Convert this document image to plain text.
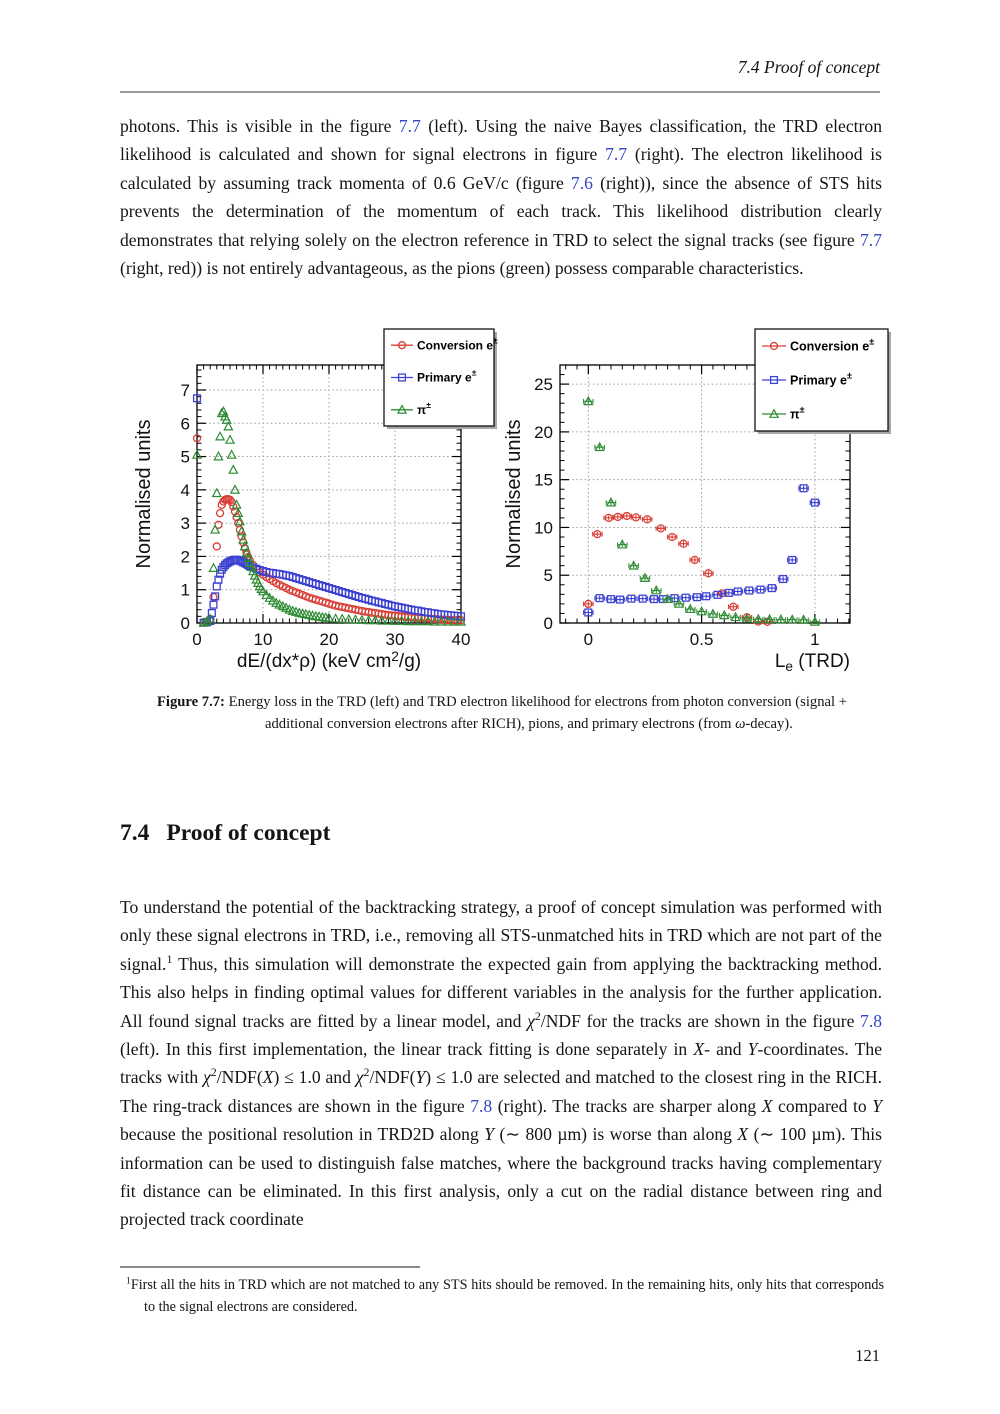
7.4 Proof of concept

photons. This is visible in the figure 7.7 (left). Using the naive Bayes classification, the TRD electron likelihood is calculated and shown for signal electrons in figure 7.7 (right). The electron likelihood is calculated by assuming track momenta of 0.6 GeV/c (figure 7.6 (right)), since the absence of STS hits prevents the determination of the momentum of each track. This likelihood distribution clearly demonstrates that relying solely on the electron reference in TRD to select the signal tracks (see figure 7.7 (right, red)) is not entirely advantageous, as the pions (green) possess comparable characteristics.

0	10	20	30	40
0
1
2
3
4
5
6
7
Normalised units
dE/(dx*ρ) (keV $cm^2/g$)
Conversion e±
Primary e±
π±
0	0.5	1
0
5
10
15
20
25
Normalised units
$L_e$ (TRD)
Conversion e±
Primary e±
π±
Figure 7.7: Energy loss in the TRD (left) and TRD electron likelihood for electrons from photon conversion (signal + additional conversion electrons after RICH), pions, and primary electrons (from ω-decay).
7.4 Proof of concept

To understand the potential of the backtracking strategy, a proof of concept simulation was performed with only these signal electrons in TRD, i.e., removing all STS-unmatched hits in TRD which are not part of the signal.$^1$ Thus, this simulation will demonstrate the expected gain from applying the backtracking method. This also helps in finding optimal values for different variables in the analysis for the further application. All found signal tracks are fitted by a linear model, and $\chi^2$/NDF for the tracks are shown in the figure 7.8 (left). In this first implementation, the linear track fitting is done separately in X- and Y-coordinates. The tracks with $\chi^2/NDF(X) \le 1.0$ and $\chi^2/NDF(Y) \le 1.0$ are selected and matched to the closest ring in the RICH. The ring-track distances are shown in the figure 7.8 (right). The tracks are sharper along X compared to Y because the positional resolution in TRD2D along Y (∼ 800 µm) is worse than along X (∼ 100 µm). This information can be used to distinguish false matches, where the background tracks having complementary fit distance can be eliminated. In this first analysis, only a cut on the radial distance between ring and projected track coordinate

$^1$First all the hits in TRD which are not matched to any STS hits should be removed. In the remaining hits, only hits that corresponds to the signal electrons are considered.
121
